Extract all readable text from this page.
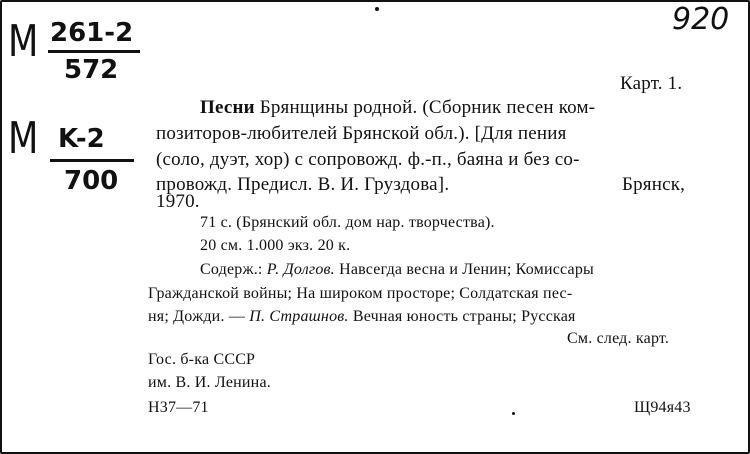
M 261-2
572
M K-2
700
920
Карт. 1.
Песни Брянщины родной. (Сборник песен ком-
позиторов-любителей Брянской обл.). [Для пения
(соло, дуэт, хор) с сопровожд. ф.-п., баяна и без со-
провожд. Предисл. В. И. Груздова].	Брянск,
1970.
71 с. (Брянский обл. дом нар. творчества).
20 см. 1.000 экз. 20 к.
Содерж.: Р. Долгов. Навсегда весна и Ленин; Комиссары
Гражданской войны; На широком просторе; Солдатская пес-
ня; Дожди. — П. Страшнов. Вечная юность страны; Русская
См. след. карт.
Гос. б-ка СССР
им. В. И. Ленина.
Н37—71	Щ94я43
